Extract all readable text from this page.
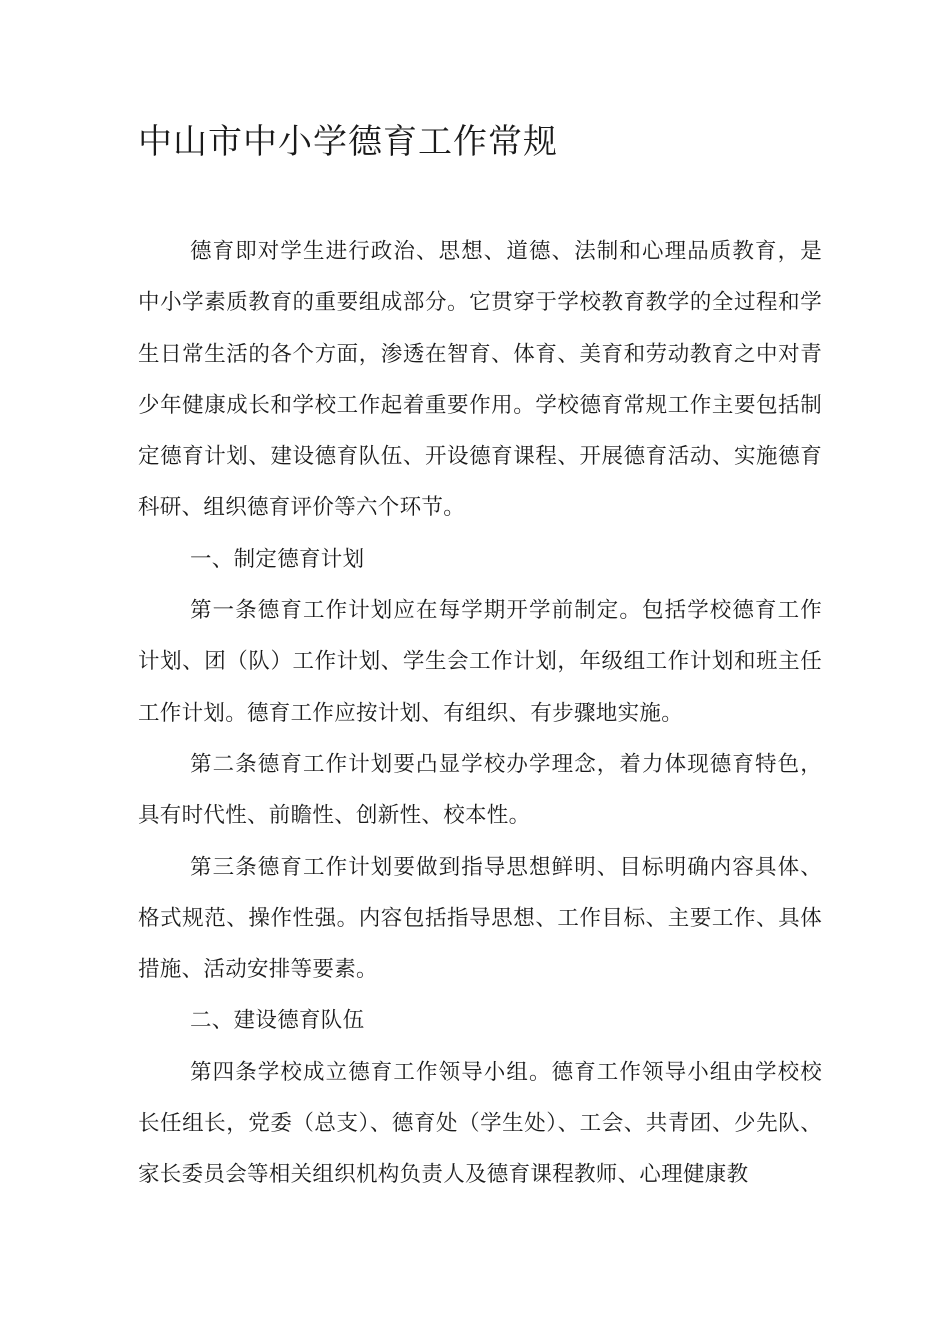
中山市中小学德育工作常规

德育即对学生进行政治、思想、道德、法制和心理品质教育，是中小学素质教育的重要组成部分。它贯穿于学校教育教学的全过程和学生日常生活的各个方面，渗透在智育、体育、美育和劳动教育之中对青少年健康成长和学校工作起着重要作用。学校德育常规工作主要包括制定德育计划、建设德育队伍、开设德育课程、开展德育活动、实施德育科研、组织德育评价等六个环节。

一、制定德育计划

第一条德育工作计划应在每学期开学前制定。包括学校德育工作计划、团（队）工作计划、学生会工作计划，年级组工作计划和班主任工作计划。德育工作应按计划、有组织、有步骤地实施。

第二条德育工作计划要凸显学校办学理念，着力体现德育特色，具有时代性、前瞻性、创新性、校本性。

第三条德育工作计划要做到指导思想鲜明、目标明确内容具体、格式规范、操作性强。内容包括指导思想、工作目标、主要工作、具体措施、活动安排等要素。

二、建设德育队伍

第四条学校成立德育工作领导小组。德育工作领导小组由学校校长任组长，党委（总支）、德育处（学生处）、工会、共青团、少先队、家长委员会等相关组织机构负责人及德育课程教师、心理健康教
